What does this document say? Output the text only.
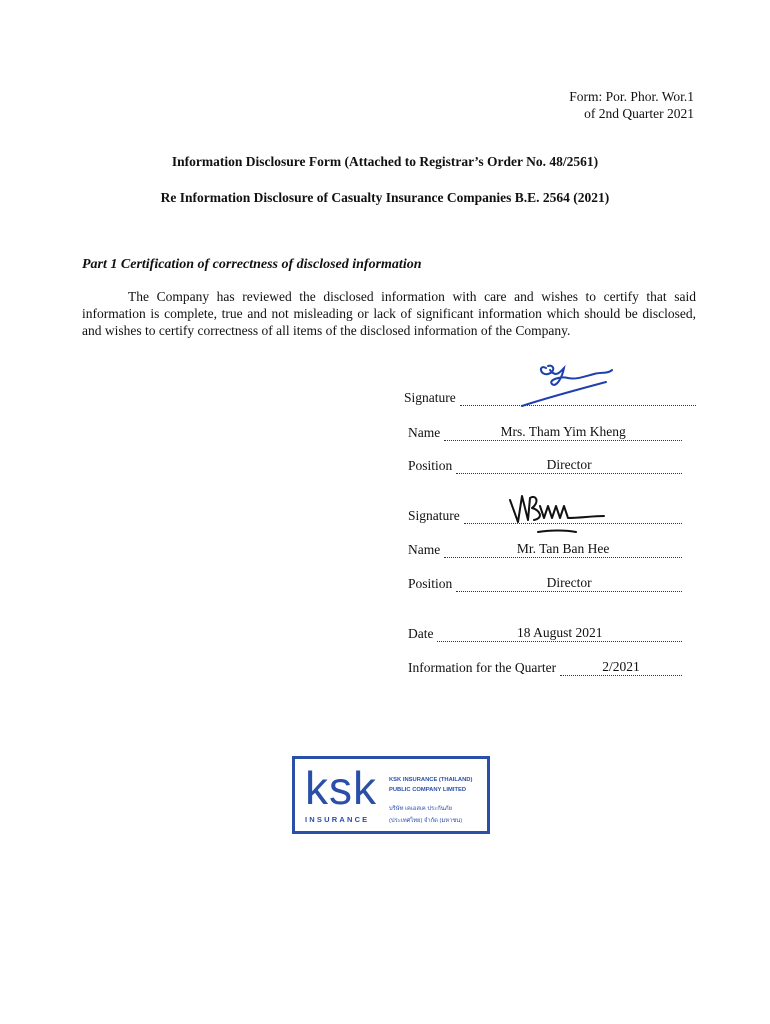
Form: Por. Phor. Wor.1
of 2nd Quarter 2021
Information Disclosure Form (Attached to Registrar’s Order No. 48/2561)
Re Information Disclosure of Casualty Insurance Companies B.E. 2564 (2021)
Part 1 Certification of correctness of disclosed information

The Company has reviewed the disclosed information with care and wishes to certify that said information is complete, true and not misleading or lack of significant information which should be disclosed, and wishes to certify correctness of all items of the disclosed information of the Company.

Signature
Name	Mrs. Tham Yim Kheng
Position	Director
Signature
Name	Mr. Tan Ban Hee
Position	Director
Date	18 August 2021
Information for the Quarter	2/2021
ksk
INSURANCE
KSK INSURANCE (THAILAND)
PUBLIC COMPANY LIMITED
บริษัท เคเอสเค ประกันภัย
(ประเทศไทย) จำกัด (มหาชน)
